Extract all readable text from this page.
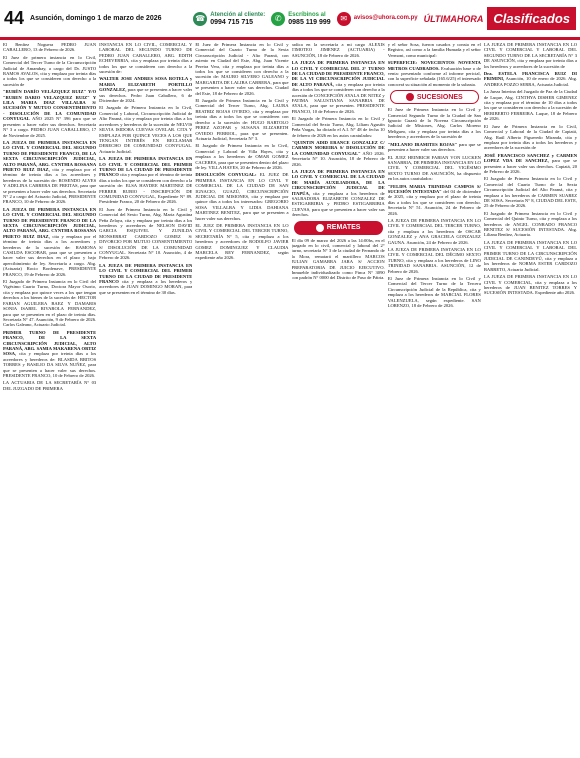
44 Asunción, domingo 1 de marzo de 2026	☎ Atención al cliente:
0994 715 715	✆	Escríbinos al
0985 119 999	✉	avisos@uhora.com.py ÚLTIMAHORA Clasificados

El Benítez Noguera PEDRO JUAN CABALLERO, 13 de Febrero de 2026.

El Juez de primera instancia en lo Civil, Comercial del Tercer Turno de la Circunscripción Judicial de Amambay, a cargo del Dr. JUSTO RAMOS AVALOS, cita y emplaza por treinta días a todos los que se consideren con derecho a la sucesión de

"RUBÉN DARÍO VELÁZQUEZ RUIZ" Y/O "RUBEN DARIO VELAZQUEZ RUIZ" Y LILA MARIA DIAZ VILLALBA S/ SUCESIÓN Y MUTUO CONSENTIMIENTO - DISOLUCIÓN DE LA COMUNIDAD CONYUGAL AÑO 2025 N° 396 para que se presenten a hacer valer sus derechos. Secretaría N° 3 a cargo. PEDRO JUAN CABALLERO, 17 de Noviembre de 2025.

LA JUEZA DE PRIMERA INSTANCIA EN LO CIVIL Y COMERCIAL DEL SEGUNDO TURNO DE PRESIDENTE FRANCO, DE LA SEXTA CIRCUNSCRIPCIÓN JUDICIAL, ALTO PARANÁ, ABG. CYNTHIA ROSSANA PRIETO RUIZ DIAZ, cita y emplaza por el término de treinta días a los acreedores y herederos de la sucesión de: ROSENDO ALVES Y ADELINA CABRERA DE FREITAS, para que se presenten a hacer valer sus derechos. Secretaría N° 2 a cargo del Actuario Judicial, PRESIDENTE FRANCO, 10 de Febrero de 2026.

LA JUEZA DE PRIMERA INSTANCIA EN LO CIVIL Y COMERCIAL DEL SEGUNDO TURNO DE PRESIDENTE FRANCO DE LA SEXTA CIRCUNSCRIPCIÓN JUDICIAL, ALTO PARANÁ, ABG. CYNTHIA ROSSANA PRIETO RUIZ DIAZ, cita y emplaza por el término de treinta días a los acreedores y herederos de la sucesión de: RAMONA CASILDA ESCOBAR, para que se presenten a hacer valer sus derechos en el plazo y bajo apercibimiento de ley. Secretaría a cargo. Abg. (Actuaria) Rocio Bordenave, PRESIDENTE FRANCO, 19 de Febrero de 2026.

El Juzgado de Primera Instancia en lo Civil del Vigésimo Cuarto Turno, Doctora Mayor Osorio, cita y emplaza por quince veces a los que tengan derechos a los bienes de la sucesión de: HECTOR FABIAN AGUILERA BAEZ Y DAMARIS SONIA ISABEL RIVAROLA FERNANDEZ, para que se presenten en el plazo de treinta días. Secretaría N° 47. Asunción, 9 de Febrero de 2026. Carlos Galeano, Actuario Judicial.

PRIMER TURNO DE PRESIDENTE FRANCO, DE LA SEXTA CIRCUNSCRIPCIÓN JUDICIAL, ALTO PARANÁ, ABG. SAMIA MAKARENA ORTIZ SOSA, cita y emplaza por treinta días a los acreedores y herederos de: BLASIDA BRITOS TORRES y BASILIO DA SILVA NUÑEZ, para que se presenten a hacer valer sus derechos. PRESIDENTE FRANCO, 10 de Febrero de 2026.

LA ACTUARIA DE LA SECRETARÍA N° 03 DEL JUZGADO DE PRIMERA

INSTANCIA EN LO CIVIL, COMERCIAL Y LABORAL DEL SEGUNDO TURNO DE PEDRO JUAN CABALLERO, ABG. EDITH ECHEVERRIA, cita y emplaza por treinta días a todos los que se consideren con derecho a la sucesión de:

WALTER JOSE ANDRES SOSA ROTELA y MARIA ELIZABETH PORTILLO GONZALEZ, para que se presenten a hacer valer sus derechos. Pedro Juan Caballero, 6 de Diciembre de 2024.

El Juzgado de Primera Instancia en lo Civil, Comercial y Laboral, Circunscripción Judicial de Alto Paraná, cita y emplaza por treinta días a los acreedores y herederos de la sucesión de NELVIS SILVIA ISIDORA CUEVAS OVELAR. CITA Y EMPLAZA POR QUINCE VECES A LOS QUE TENGAN INTERÉS EN RECLAMAR DERECHO DE COMUNIDAD CONYUGAL. Actuario Judicial.

LA JUEZA DE PRIMERA INSTANCIA EN LO CIVIL Y COMERCIAL DEL PRIMER TURNO DE LA CIUDAD DE PRESIDENTE FRANCO cita y emplaza por el término de treinta días a todos los que se consideren con derecho a la sucesión de: ELSA HAYDEE MARTINEZ DE FERRER RUBIO - INSCRIPCIÓN DE COMUNIDAD CONYUGAL, Expediente N° 89. Presidente Franco, 20 de Febrero de 2026.

El Juez de Primera Instancia en lo Civil y Comercial del Sexto Turno, Abg. Maria Agustina Peña Zelaya, cita y emplaza por treinta días a los herederos y acreedores de NELSON DAVID GARCIA ESQUIVEL Y ZUNILDA MONSERRAT CARDOZO GOMEZ S/ DIVORCIO POR MUTUO CONSENTIMIENTO S/ DISOLUCIÓN DE LA COMUNIDAD CONYUGAL. Secretaria N° 10. Asunción, 4 de Febrero de 2026.

LA JUEZA DE PRIMERA INSTANCIA EN LO CIVIL Y COMERCIAL DEL PRIMER TURNO DE LA CIUDAD DE PRESIDENTE FRANCO cita y emplaza a los herederos y acreedores de JUAN DOMINGO MORAN, para que se presenten en el término de 30 días.

El Juez de Primera Instancia en lo Civil y Comercial del Cuarto Turno de la Sexta Circunscripción Judicial - Alto Paraná, con asiento en Ciudad del Este, Abg. Juan Vicente Pereira Vera, cita y emplaza por treinta días a todos los que se consideren con derecho a la sucesión de: MAURO SILVERO GALEANO y MARGARITA DE LALIBA CABRERA, para que se presenten a hacer valer sus derechos. Ciudad del Este, 18 de Febrero de 2026.

El Juzgado de Primera Instancia en lo Civil y Comercial del Tercer Turno, Abg. LAURA BEATRIZ ROJAS OVIEDO, cita y emplaza por treinta días a todos los que se consideren con derecho a la sucesión de: HUGO BARTOLO PEREZ AZOFAR y SUSANA ELIZABETH OVIEDO FERRIOL, para que se presenten. Actuaria Judicial, Secretaría N° 3.

El Juzgado de Primera Instancia en lo Civil, Comercial y Laboral de Villa Hayes, cita y emplaza a los herederos de OMAR GOMEZ CACERES, para que se presenten dentro del plazo de ley. VILLA HAYES, 20 de Febrero de 2026.

DISOLUCIÓN CONYUGAL: EL JUEZ DE PRIMERA INSTANCIA EN LO CIVIL Y COMERCIAL DE LA CIUDAD DE SAN IGNACIO, GUAZÚ, CIRCUNSCRIPCIÓN JUDICIAL DE MISIONES, cita y emplaza por quince días a todos los interesados: GREGORIO SOSA VILLALBA Y LIDIA DAHIANA MARTINEZ BENITEZ, para que se presenten a hacer valer sus derechos.

EL JUEZ DE PRIMERA INSTANCIA EN LO CIVIL Y COMERCIAL DEL TERCER TURNO, SECRETARÍA N° 5, cita y emplaza a los herederos y acreedores de RODOLFO JAVIER GOMEZ DOMINGUEZ Y CLAUDIA MARCELA REY FERNANDEZ, según expediente año 2026.

radica en la secretaría a mi cargo ALEXIS TIMOTEO JIMENEZ (ACTUARIA) - ASUNCIÓN, 18 de Febrero de 2026.

LA JUEZA DE PRIMERA INSTANCIA EN LO CIVIL Y COMERCIAL DEL 2° TURNO DE LA CIUDAD DE PRESIDENTE FRANCO, DE LA VI CIRCUNSCRIPCIÓN JUDICIAL DE ALTO PARANÁ, cita y emplaza por treinta días a todos los que se consideren con derecho a la sucesión de CONCEPCIÓN AYALA DE NITEZ y FATIMA SALUSTIANA SANABRIA DE AYALA, para que se presenten. PRESIDENTE FRANCO, 10 de Febrero de 2026.

El Juzgado de Primera Instancia en lo Civil y Comercial del Sexto Turno, Abg. Liliam Agustín Peña Vargas, ha dictado el A.I. N° 48 de fecha 10 de febrero de 2026 en los autos caratulados:

"QUINTIN ADID ERANCE GONZALEZ C/ CARMEN MOREIRA S/ DISOLUCIÓN DE LA COMUNIDAD CONYUGAL" AÑO 2026. Secretaría N° 10. Asunción, 18 de Febrero de 2026.

LA JUEZA DE PRIMERA INSTANCIA EN LO CIVIL Y COMERCIAL DE LA CIUDAD DE MARÍA AUXILIADORA, DE LA CIRCUNSCRIPCIÓN JUDICIAL DE ITAPÚA, cita y emplaza a los herederos de SALBADORA ELIZABETH CONZALEZ DE ESTIGARRIBIA y PEDRO ESTIGARRIBIA CUEVAS, para que se presenten a hacer valer sus derechos.

REMATES

El día 09 de marzo del 2026 a las 14:00hs, en el juzgado en lo civil, comercial y laboral del 2° turno, secretaría N° 3 de la ciudad de Fernando de la Mora, rematará el martillero MARCOS JULIAN GAMARRA JARA S/ ACCION PREPARATORIA DE JUICIO EJECUTIVO. Inmueble individualizado como Finca N° 3090 con padrón N° 0000 del Distrito de Paso de Pátria.

y el señor Sosa, fueron casados y consta en el Registro, así como a la familia Humada y el señor Vermont, como municipal:

SUPERFICIE: NOVECIENTOS NOVENTA METROS CUADRADOS. Evaluación base o de venta: presentado conforme al informe pericial, con la superficie señalada (165.6/25) el interesado conocerá su situación al momento de la subasta.

SUCESIONES

El Juez de Primera Instancia en lo Civil y Comercial Segundo Turno de la Ciudad de San Ignacio Guazú de la Novena Circunscripción Judicial de Misiones, Abg. Carlos Moreno Meligueo, cita y emplaza por treinta días a los herederos y acreedores de la sucesión de

"MELANIO IRAMITES ROJAS" para que se presenten a hacer valer sus derechos.

EL JUEZ HEINRICH FABIAN VON LUCKEN SANABRIA, DE PRIMERA INSTANCIA EN LO CIVIL Y COMERCIAL DEL VIGÉSIMO SEXTO TURNO DE ASUNCIÓN, ha dispuesto en los autos caratulados:

"FELIPA MARIA TRINIDAD CAMPOS S/ SUCESIÓN INTESTADA" del 04 de diciembre de 2025, cita y emplaza por el plazo de treinta días a todos los que se consideren con derecho. Secretaría N° 51. Asunción, 24 de Febrero de 2026.

LA JUEZA DE PRIMERA INSTANCIA EN LO CIVIL Y COMERCIAL DEL TERCER TURNO, cita y emplaza a los herederos de OSCAR GONZALEZ y ANA GRACIELA GONZALEZ GAUNA. Asunción, 24 de Febrero de 2026.

LA JUEZA DE PRIMERA INSTANCIA EN LO CIVIL Y COMERCIAL DEL DÉCIMO SEXTO TURNO, cita y emplaza a los herederos de LINO TRINIDAD SANABRIA. ASUNCIÓN, 12 de Febrero de 2026.

El Juez de Primera Instancia en lo Civil y Comercial del Tercer Turno de la Tercera Circunscripción Judicial de la República, cita y emplaza a los herederos de MARCIAL FLORES VALENZUELA, según expediente. SAN LORENZO, 18 de Febrero de 2026.

LA JUEZA DE PRIMERA INSTANCIA EN LO CIVIL Y COMERCIAL Y LABORAL DEL SEGUNDO TURNO DE LA SECRETARÍA N° 3 DE ASUNCIÓN, cita y emplaza por treinta días a los herederos y acreedores de la sucesión de

Dra. ESTELA FRANCISCA RUIZ DI FRIMINI, Asunción, 10 de enero de 2026. Abg. ANDREA POZZO SERRA, Actuaria Judicial.

La Jueza Interina del Juzgado de Paz de la Ciudad de Luque, Abg. CINTHYA DISHER GIMENEZ cita y emplaza por el término de 10 días a todos los que se consideren con derecho a la sucesión de HERIBERTO FERREIRA. Luque, 18 de Febrero de 2026.

El Juez de Primera Instancia en lo Civil, Comercial y Laboral de la Ciudad de Capiatá, Abg. Raúl Alberto Figueredo Miranda, cita y emplaza por treinta días a todos los herederos y acreedores de la sucesión de

JOSÉ FRANCISCO SANCHEZ y CARMEN LOPEZ VDA DE SANCHEZ, para que se presenten a hacer valer sus derechos. Capiatá, 20 de Febrero de 2026.

El Juzgado de Primera Instancia en lo Civil y Comercial del Cuarto Turno de la Sexta Circunscripción Judicial del Alto Paraná, cita y emplaza a los herederos de CARMEN SUAREZ DE SOSA. Secretaria N° 8, CIUDAD DEL ESTE, 25 de Febrero de 2026.

El Juzgado de Primera Instancia en lo Civil y Comercial del Quinto Turno, cita y emplaza a los herederos de ANGEL CONRADO FRANCO BENITEZ S/ SUCESIÓN INTESTADA. Abg. Liliana Benítez, Actuaria.

LA JUEZA DE PRIMERA INSTANCIA EN LO CIVIL Y COMERCIAL Y LABORAL DEL PRIMER TURNO DE LA CIRCUNSCRIPCIÓN JUDICIAL DE CANINDEYÚ, cita y emplaza a los herederos de NORMA ESTER CARDOZO BARRETO, Actuaria Judicial.

LA JUEZA DE PRIMERA INSTANCIA EN LO CIVIL Y COMERCIAL, cita y emplaza a los herederos de JUAN BENITEZ TORRES Y SUCESIÓN INTESTADA. Expediente año 2026.
